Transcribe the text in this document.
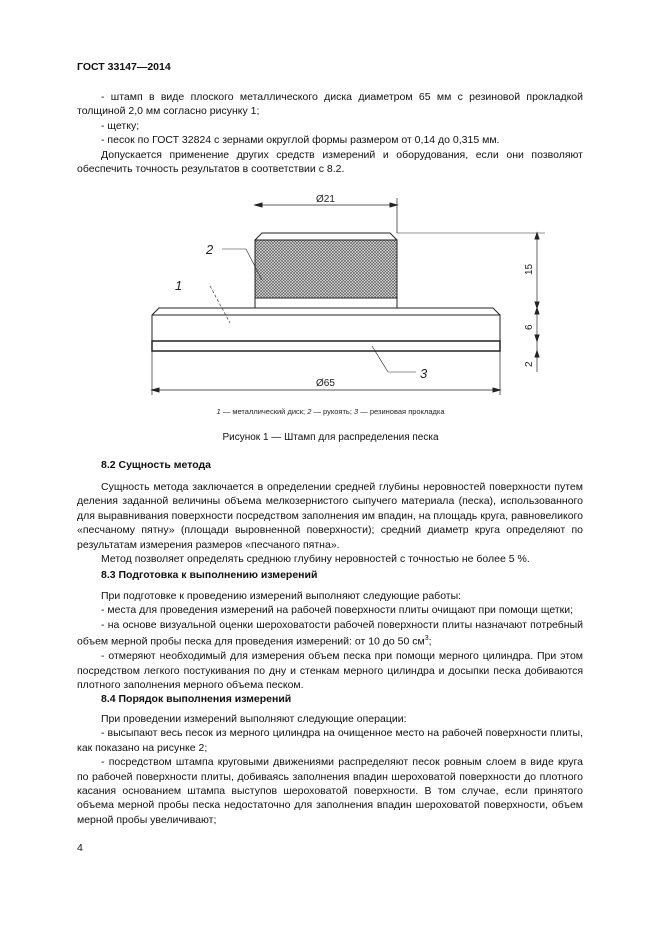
ГОСТ 33147—2014

- штамп в виде плоского металлического диска диаметром 65 мм с резиновой прокладкой толщиной 2,0 мм согласно рисунку 1;

- щетку;

- песок по ГОСТ 32824 с зернами округлой формы размером от 0,14 до 0,315 мм.

Допускается применение других средств измерений и оборудования, если они позволяют обеспечить точность результатов в соответствии с 8.2.

Ø21
Ø65
15
6
2
2
1
3
1 — металлический диск; 2 — рукоять; 3 — резиновая прокладка
Рисунок 1 — Штамп для распределения песка
8.2 Сущность метода

Сущность метода заключается в определении средней глубины неровностей поверхности путем деления заданной величины объема мелкозернистого сыпучего материала (песка), использованного для выравнивания поверхности посредством заполнения им впадин, на площадь круга, равновеликого «песчаному пятну» (площади выровненной поверхности); средний диаметр круга определяют по результатам измерения размеров «песчаного пятна».

Метод позволяет определять среднюю глубину неровностей с точностью не более 5 %.

8.3 Подготовка к выполнению измерений

При подготовке к проведению измерений выполняют следующие работы:

- места для проведения измерений на рабочей поверхности плиты очищают при помощи щетки;

- на основе визуальной оценки шероховатости рабочей поверхности плиты назначают потребный объем мерной пробы песка для проведения измерений: от 10 до 50 $см^3$;

- отмеряют необходимый для измерения объем песка при помощи мерного цилиндра. При этом посредством легкого постукивания по дну и стенкам мерного цилиндра и досыпки песка добиваются плотного заполнения мерного объема песком.

8.4 Порядок выполнения измерений

При проведении измерений выполняют следующие операции:

- высыпают весь песок из мерного цилиндра на очищенное место на рабочей поверхности плиты, как показано на рисунке 2;

- посредством штампа круговыми движениями распределяют песок ровным слоем в виде круга по рабочей поверхности плиты, добиваясь заполнения впадин шероховатой поверхности до плотного касания основанием штампа выступов шероховатой поверхности. В том случае, если принятого объема мерной пробы песка недостаточно для заполнения впадин шероховатой поверхности, объем мерной пробы увеличивают;

4
